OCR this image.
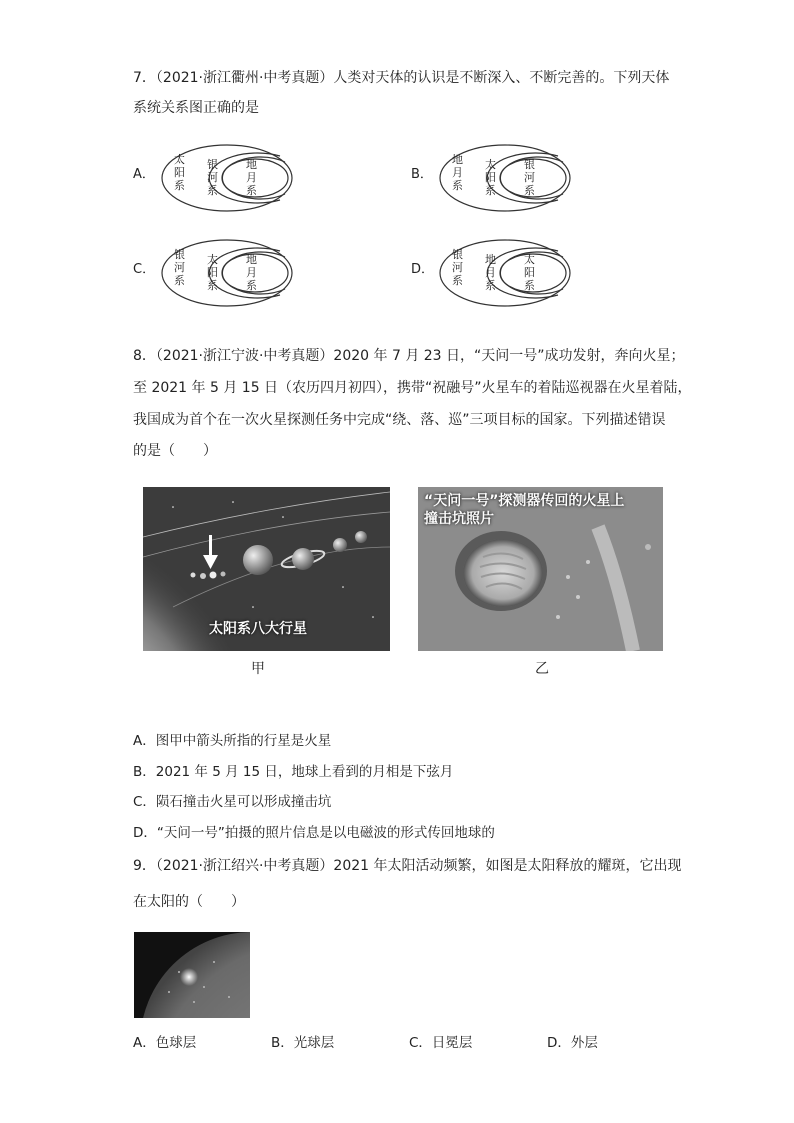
7．（2021·浙江衢州·中考真题）人类对天体的认识是不断深入、不断完善的。下列天体
系统关系图正确的是
A．	B．
C．	D．
太阳系
银河系
地月系
地月系
太阳系
银河系
银河系
太阳系
地月系
银河系
地月系
太阳系
8．（2021·浙江宁波·中考真题）2020 年 7 月 23 日，“天问一号”成功发射，奔向火星；
至 2021 年 5 月 15 日（农历四月初四），携带“祝融号”火星车的着陆巡视器在火星着陆，
我国成为首个在一次火星探测任务中完成“绕、落、巡”三项目标的国家。下列描述错误
的是（　　）
太阳系八大行星
甲
“天问一号”探测器传回的火星上
撞击坑照片
乙
A．图甲中箭头所指的行星是火星
B．2021 年 5 月 15 日，地球上看到的月相是下弦月
C．陨石撞击火星可以形成撞击坑
D．“天问一号”拍摄的照片信息是以电磁波的形式传回地球的
9．（2021·浙江绍兴·中考真题）2021 年太阳活动频繁，如图是太阳释放的耀斑，它出现
在太阳的（　　）
A．色球层	B．光球层	C．日冕层	D．外层
